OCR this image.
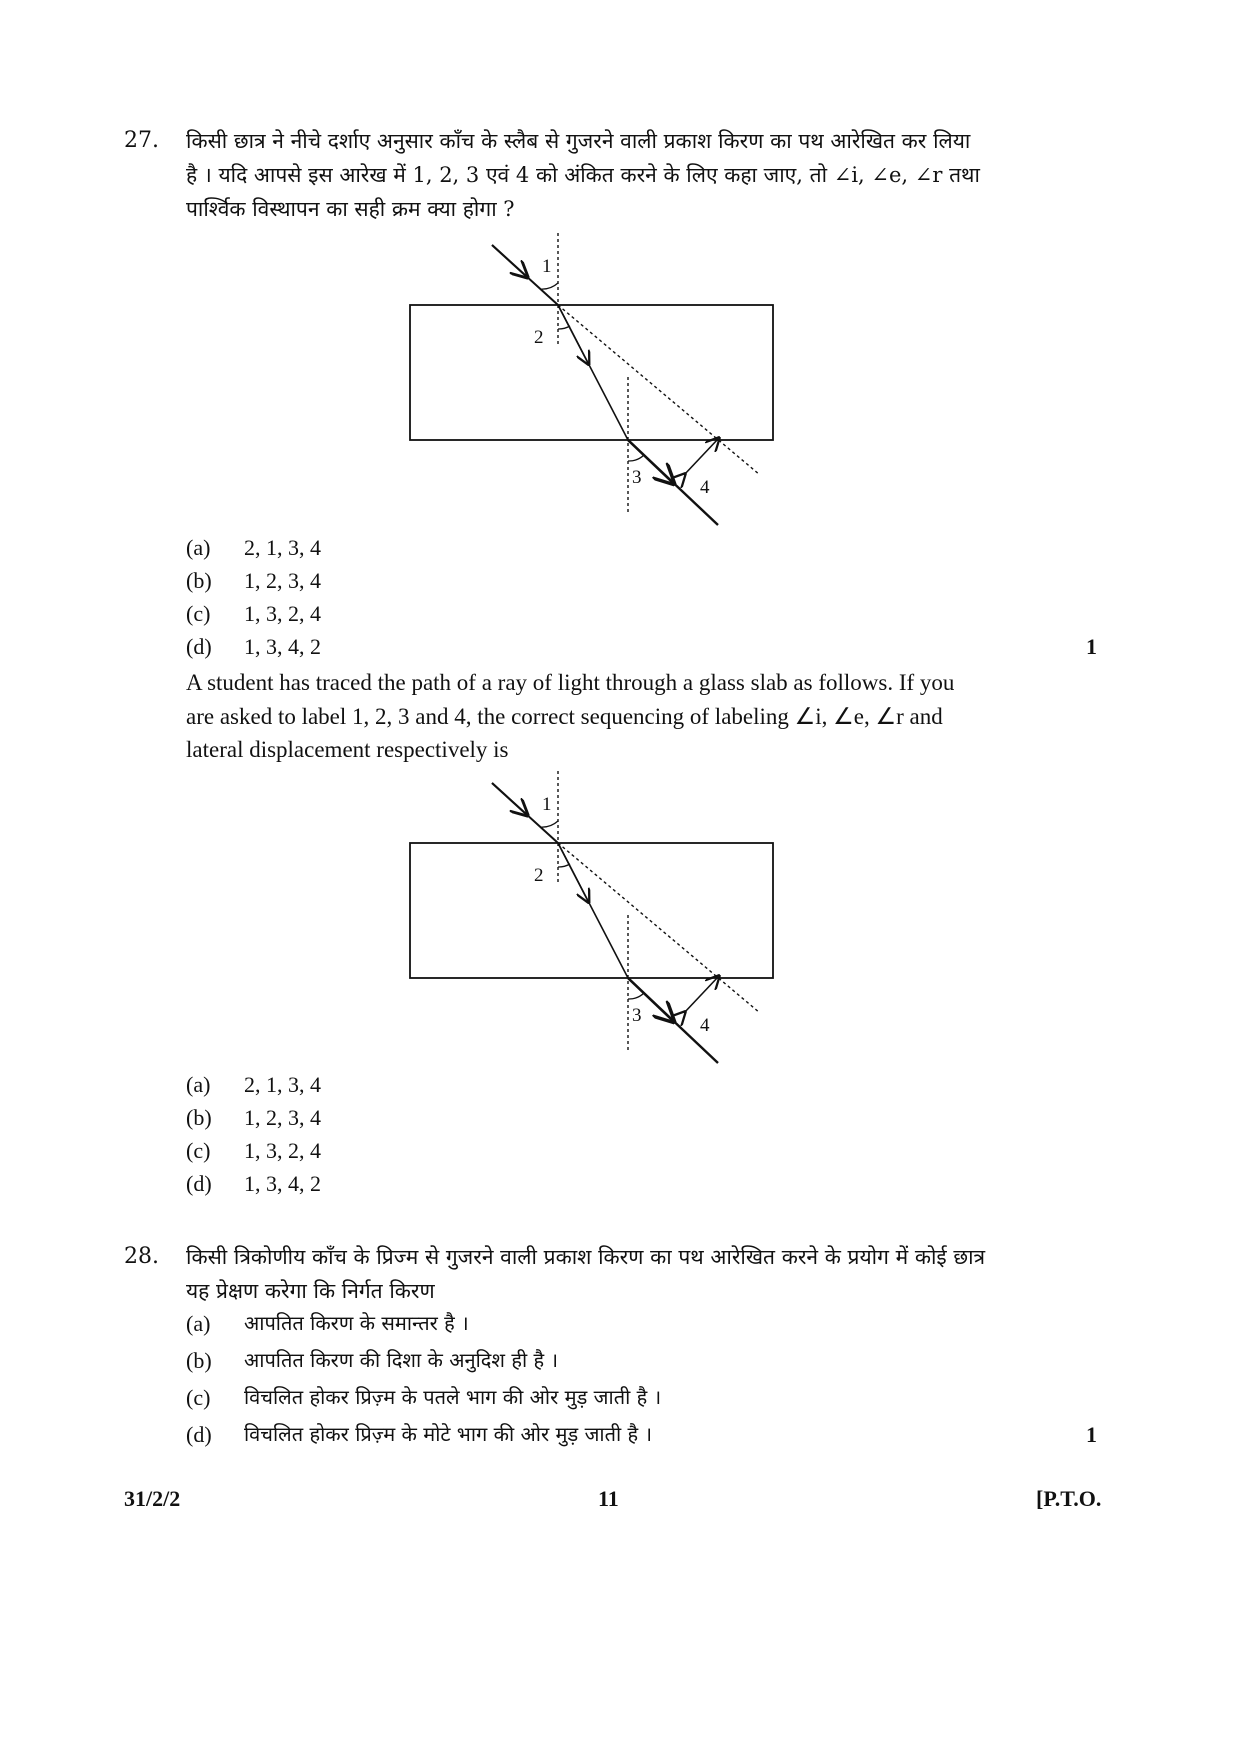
27. किसी छात्र ने नीचे दर्शाए अनुसार काँच के स्लैब से गुजरने वाली प्रकाश किरण का पथ आरेखित कर लिया
है । यदि आपसे इस आरेख में 1, 2, 3 एवं 4 को अंकित करने के लिए कहा जाए, तो ∠i, ∠e, ∠r तथा
पार्श्विक विस्थापन का सही क्रम क्या होगा ?
1
2
3	4
(a) 2, 1, 3, 4
(b) 1, 2, 3, 4
(c) 1, 3, 2, 4
(d) 1, 3, 4, 2	1
A student has traced the path of a ray of light through a glass slab as follows. If you
are asked to label 1, 2, 3 and 4, the correct sequencing of labeling ∠i, ∠e, ∠r and
lateral displacement respectively is
1
2
3	4
(a) 2, 1, 3, 4
(b) 1, 2, 3, 4
(c) 1, 3, 2, 4
(d) 1, 3, 4, 2
28. किसी त्रिकोणीय काँच के प्रिज्म से गुजरने वाली प्रकाश किरण का पथ आरेखित करने के प्रयोग में कोई छात्र
यह प्रेक्षण करेगा कि निर्गत किरण
(a) आपतित किरण के समान्तर है ।
(b) आपतित किरण की दिशा के अनुदिश ही है ।
(c) विचलित होकर प्रिज़्म के पतले भाग की ओर मुड़ जाती है ।
(d) विचलित होकर प्रिज़्म के मोटे भाग की ओर मुड़ जाती है ।	1
31/2/2	11	[P.T.O.
